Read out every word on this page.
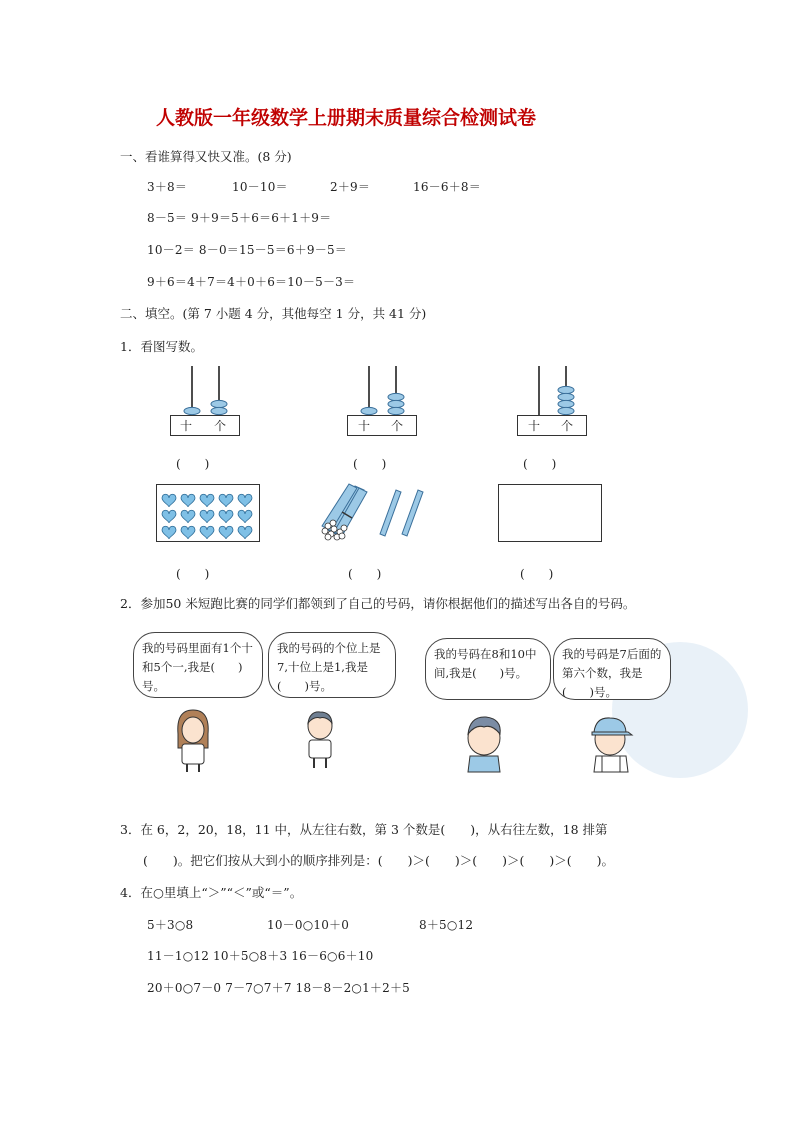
人教版一年级数学上册期末质量综合检测试卷
一、看谁算得又快又准。(8 分)
3＋8＝	10－10＝	2＋9＝	16－6＋8＝
8－5＝ 9＋9＝5＋6＝6＋1＋9＝
10－2＝ 8－0＝15－5＝6＋9－5＝
9＋6＝4＋7＝4＋0＋6＝10－5－3＝
二、填空。(第 7 小题 4 分，其他每空 1 分，共 41 分)
1．看图写数。
十 个
(　　)
十 个
(　　)
十 个
(　　)
(　　)	(　　)	(　　)
2．参加50 米短跑比赛的同学们都领到了自己的号码，请你根据他们的描述写出各自的号码。
我的号码里面有1个十和5个一,我是(　　)号。
我的号码的个位上是7,十位上是1,我是(　　)号。
我的号码在8和10中间,我是(　　)号。
我的号码是7后面的第六个数，我是(　　)号。
3．在 6，2，20，18，11 中，从左往右数，第 3 个数是(　　)，从右往左数，18 排第
(　　)。把它们按从大到小的顺序排列是：(　　)＞(　　)＞(　　)＞(　　)＞(　　)。
4．在○里填上“＞”“＜”或“＝”。
5＋3○8	10－0○10＋0	8＋5○12
11－1○12 10＋5○8＋3 16－6○6＋10
20＋0○7－0 7－7○7＋7 18－8－2○1＋2＋5
